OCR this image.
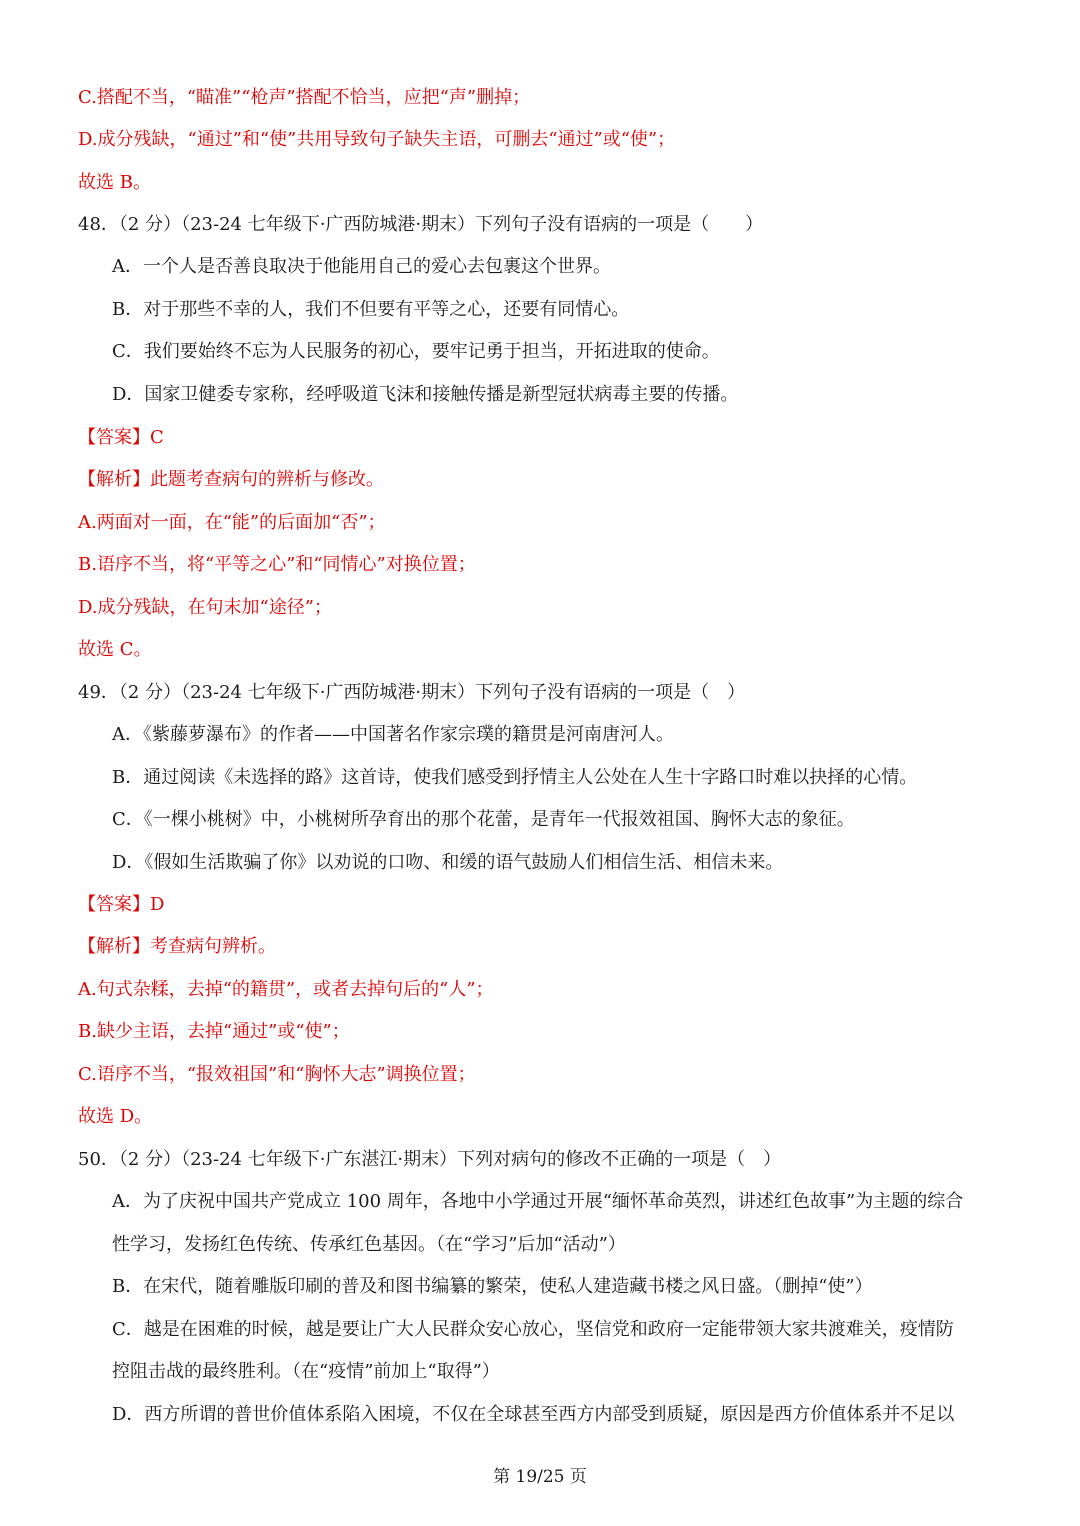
C.搭配不当，“瞄准”“枪声”搭配不恰当，应把“声”删掉；
D.成分残缺，“通过”和“使”共用导致句子缺失主语，可删去“通过”或“使”；
故选 B。
48．（2 分）（23-24 七年级下·广西防城港·期末）下列句子没有语病的一项是（　　）
A．一个人是否善良取决于他能用自己的爱心去包裹这个世界。
B．对于那些不幸的人，我们不但要有平等之心，还要有同情心。
C．我们要始终不忘为人民服务的初心，要牢记勇于担当，开拓进取的使命。
D．国家卫健委专家称，经呼吸道飞沫和接触传播是新型冠状病毒主要的传播。
【答案】C
【解析】此题考查病句的辨析与修改。
A.两面对一面，在“能”的后面加“否”；
B.语序不当，将“平等之心”和“同情心”对换位置；
D.成分残缺，在句末加“途径”；
故选 C。
49．（2 分）（23-24 七年级下·广西防城港·期末）下列句子没有语病的一项是（　）
A．《紫藤萝瀑布》的作者——中国著名作家宗璞的籍贯是河南唐河人。
B．通过阅读《未选择的路》这首诗，使我们感受到抒情主人公处在人生十字路口时难以抉择的心情。
C．《一棵小桃树》中，小桃树所孕育出的那个花蕾，是青年一代报效祖国、胸怀大志的象征。
D．《假如生活欺骗了你》以劝说的口吻、和缓的语气鼓励人们相信生活、相信未来。
【答案】D
【解析】考查病句辨析。
A.句式杂糅，去掉“的籍贯”，或者去掉句后的“人”；
B.缺少主语，去掉“通过”或“使”；
C.语序不当，“报效祖国”和“胸怀大志”调换位置；
故选 D。
50．（2 分）（23-24 七年级下·广东湛江·期末）下列对病句的修改不正确的一项是（　）
A．为了庆祝中国共产党成立 100 周年，各地中小学通过开展“缅怀革命英烈，讲述红色故事”为主题的综合
性学习，发扬红色传统、传承红色基因。（在“学习”后加“活动”）
B．在宋代，随着雕版印刷的普及和图书编纂的繁荣，使私人建造藏书楼之风日盛。（删掉“使”）
C．越是在困难的时候，越是要让广大人民群众安心放心，坚信党和政府一定能带领大家共渡难关，疫情防
控阻击战的最终胜利。（在“疫情”前加上“取得”）
D．西方所谓的普世价值体系陷入困境，不仅在全球甚至西方内部受到质疑，原因是西方价值体系并不足以
第 19/25 页
